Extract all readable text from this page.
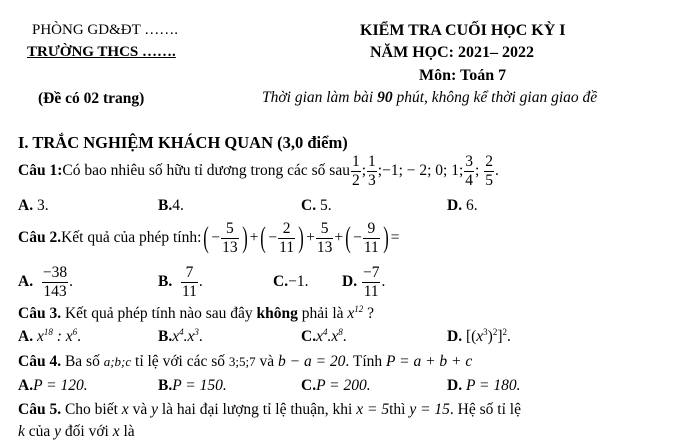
PHÒNG GD&ĐT …….
TRƯỜNG THCS …….
(Đề có 02 trang)
KIỂM TRA CUỐI HỌC KỲ I
NĂM HỌC: 2021– 2022
Môn: Toán 7
Thời gian làm bài 90 phút, không kể thời gian giao đề
I. TRẮC NGHIỆM KHÁCH QUAN (3,0 điểm)
Câu 1: Có bao nhiêu số hữu tỉ dương trong các số sau $\frac{1}{2}$ ; $\frac{1}{3}$ ;−1; − 2; 0; 1; $\frac{3}{4}$ ; $\frac{2}{5}$ .
A. 3.	B.4.	C. 5.	D. 6.
Câu 2. Kết quả của phép tính: ( − $\frac{5}{13}$ ) + ( − $\frac{2}{11}$ ) + $\frac{5}{13}$ + ( − $\frac{9}{11}$ ) =
A.
$\frac{-38}{143}$ .	B.
$\frac{7}{11}$ .	C. −1. D.
$\frac{-7}{11}$ .
Câu 3. Kết quả phép tính nào sau đây không phải là $x^{12}$ ?
A. $x^{18}$ : $x^6$.	$B.x^4.x^3$.	$C.x^4.x^8$.	D. $[(x^3)^2]^2$.
Câu 4. Ba số a;b;c tỉ lệ với các số 3;5;7 và b − a = 20. Tính P = a + b + c
A.P = 120.	B.P = 150.	C.P = 200.	D. P = 180.
Câu 5. Cho biết x và y là hai đại lượng tỉ lệ thuận, khi x = 5thì y = 15. Hệ số tỉ lệ
k của y đối với x là
